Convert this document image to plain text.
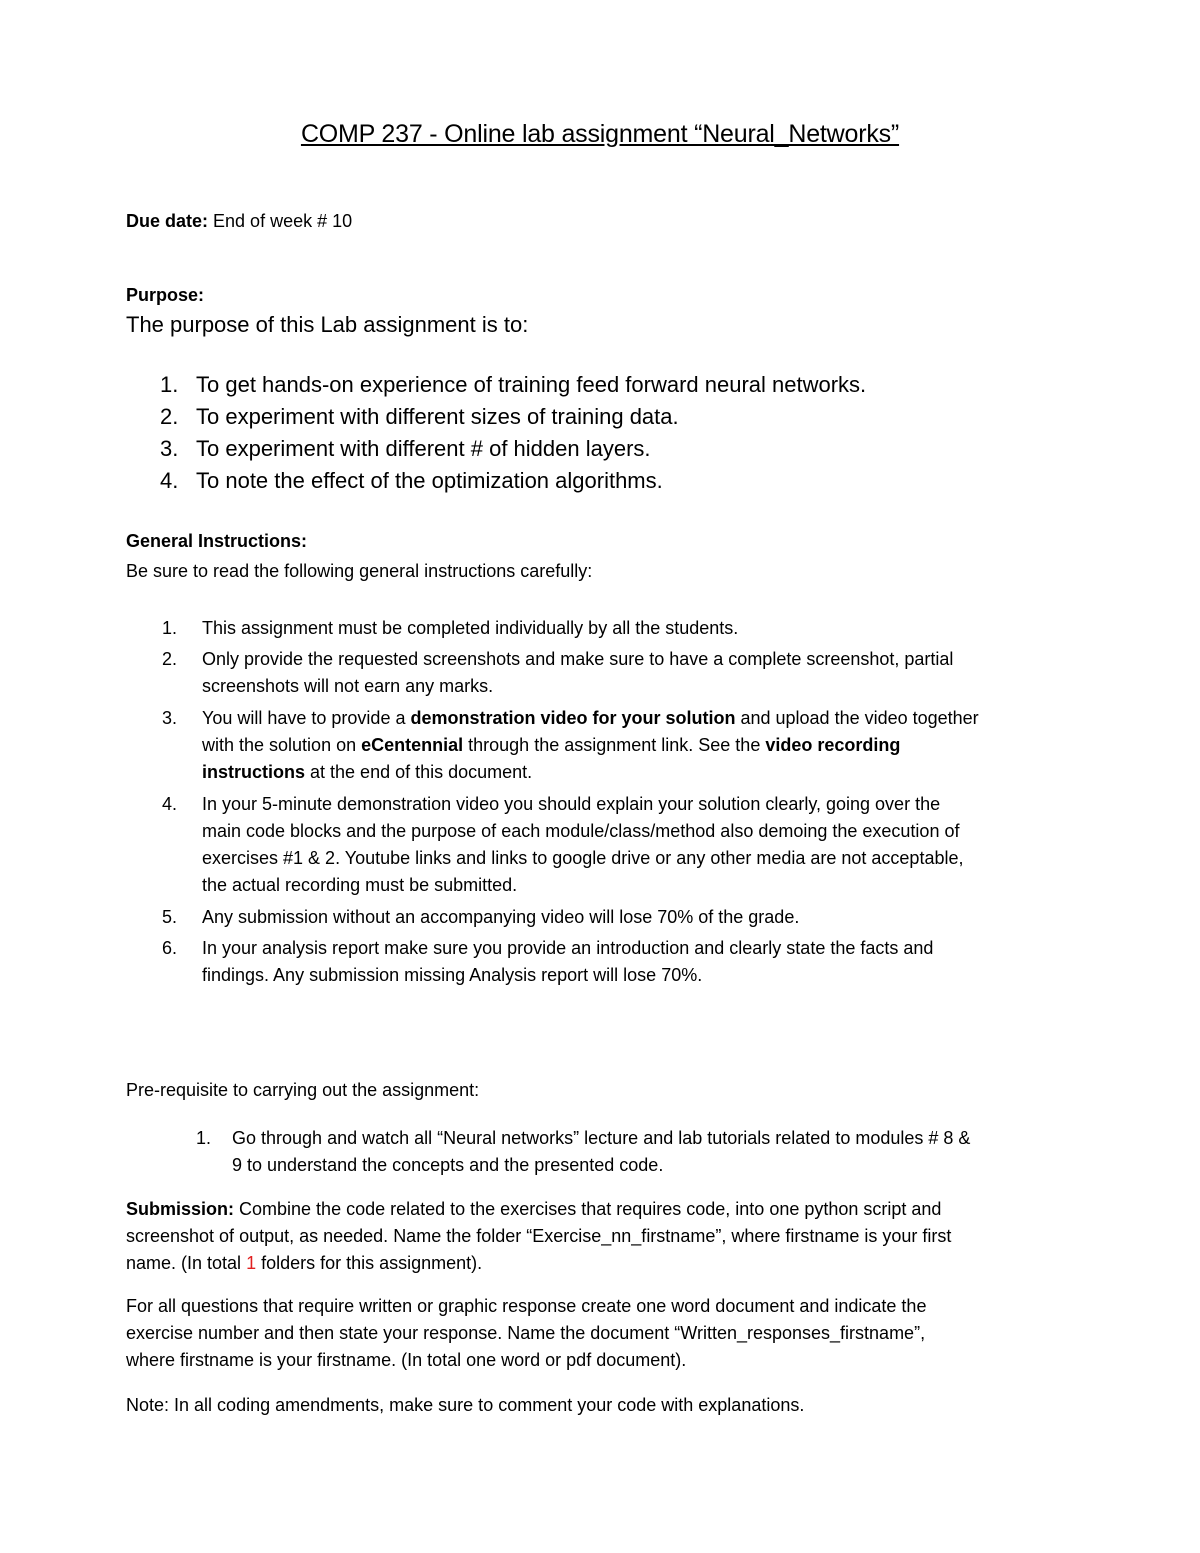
COMP 237 - Online lab assignment “Neural_Networks”
Due date: End of week # 10
Purpose:
The purpose of this Lab assignment is to:
1. To get hands-on experience of training feed forward neural networks.
2. To experiment with different sizes of training data.
3. To experiment with different # of hidden layers.
4. To note the effect of the optimization algorithms.
General Instructions:
Be sure to read the following general instructions carefully:
1. This assignment must be completed individually by all the students.
2. Only provide the requested screenshots and make sure to have a complete screenshot, partial
screenshots will not earn any marks.
3. You will have to provide a demonstration video for your solution and upload the video together
with the solution on eCentennial through the assignment link. See the video recording
instructions at the end of this document.
4. In your 5-minute demonstration video you should explain your solution clearly, going over the
main code blocks and the purpose of each module/class/method also demoing the execution of
exercises #1 & 2. Youtube links and links to google drive or any other media are not acceptable,
the actual recording must be submitted.
5. Any submission without an accompanying video will lose 70% of the grade.
6. In your analysis report make sure you provide an introduction and clearly state the facts and
findings. Any submission missing Analysis report will lose 70%.
Pre-requisite to carrying out the assignment:
1. Go through and watch all “Neural networks” lecture and lab tutorials related to modules # 8 &
9 to understand the concepts and the presented code.
Submission: Combine the code related to the exercises that requires code, into one python script and
screenshot of output, as needed. Name the folder “Exercise_nn_firstname”, where firstname is your first
name. (In total 1 folders for this assignment).
For all questions that require written or graphic response create one word document and indicate the
exercise number and then state your response. Name the document “Written_responses_firstname”,
where firstname is your firstname. (In total one word or pdf document).
Note: In all coding amendments, make sure to comment your code with explanations.
